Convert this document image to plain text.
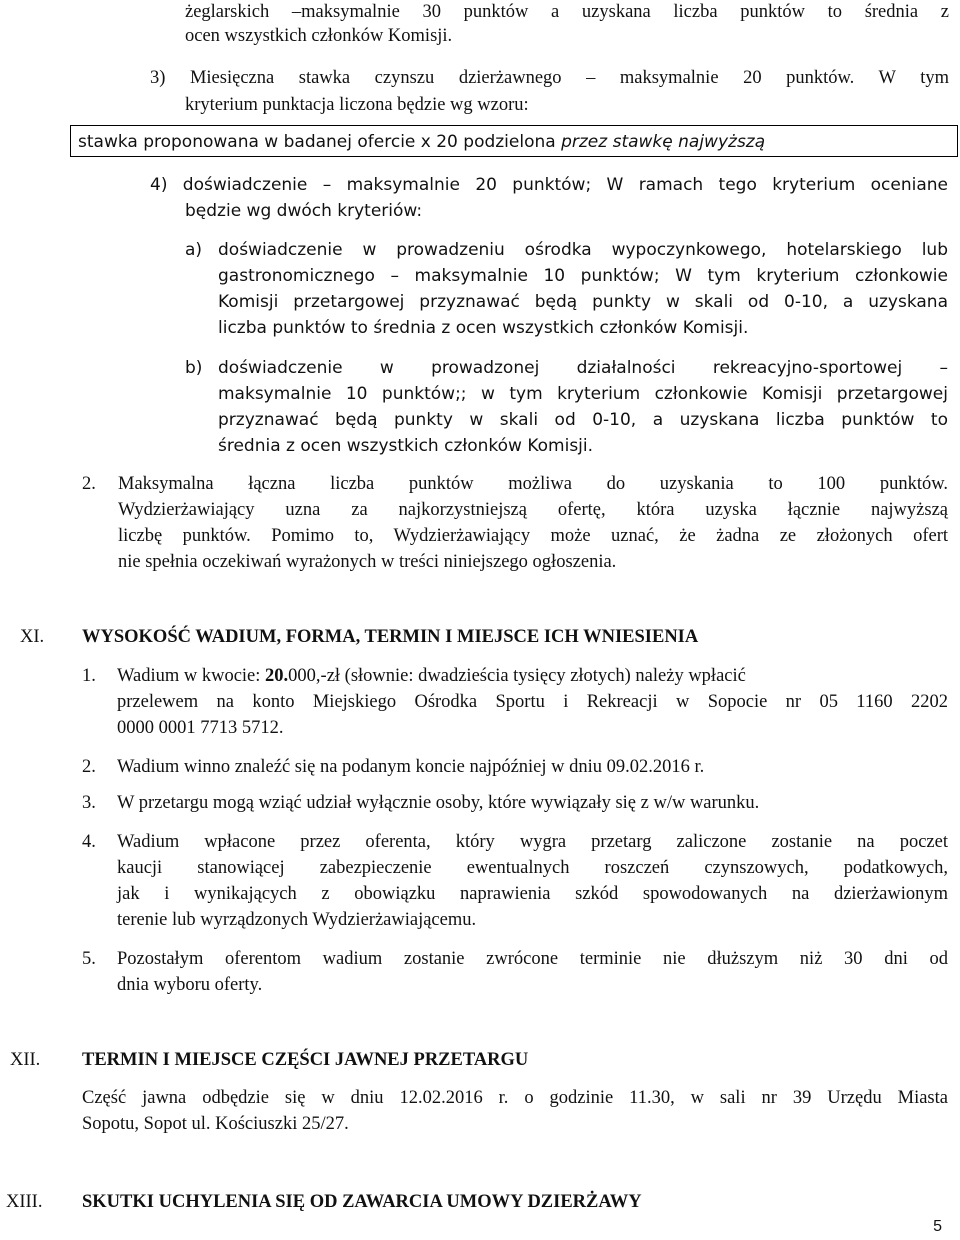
żeglarskich –maksymalnie 30 punktów a uzyskana liczba punktów to średnia z
ocen wszystkich członków Komisji.
3) Miesięczna stawka czynszu dzierżawnego – maksymalnie 20 punktów. W tym
kryterium punktacja liczona będzie wg wzoru:
stawka proponowana w badanej ofercie x 20 podzielona przez stawkę najwyższą
4) doświadczenie – maksymalnie 20 punktów; W ramach tego kryterium oceniane
będzie wg dwóch kryteriów:
a) doświadczenie w prowadzeniu ośrodka wypoczynkowego, hotelarskiego lub
gastronomicznego – maksymalnie 10 punktów; W tym kryterium członkowie
Komisji przetargowej przyznawać będą punkty w skali od 0-10, a uzyskana
liczba punktów to średnia z ocen wszystkich członków Komisji.
b) doświadczenie w prowadzonej działalności rekreacyjno-sportowej –
maksymalnie 10 punktów;; w tym kryterium członkowie Komisji przetargowej
przyznawać będą punkty w skali od 0-10, a uzyskana liczba punktów to
średnia z ocen wszystkich członków Komisji.
2. Maksymalna łączna liczba punktów możliwa do uzyskania to 100 punktów.
Wydzierżawiający uzna za najkorzystniejszą ofertę, która uzyska łącznie najwyższą
liczbę punktów. Pomimo to, Wydzierżawiający może uznać, że żadna ze złożonych ofert
nie spełnia oczekiwań wyrażonych w treści niniejszego ogłoszenia.
XI. WYSOKOŚĆ WADIUM, FORMA, TERMIN I MIEJSCE ICH WNIESIENIA
1. Wadium w kwocie: 20.000,-zł (słownie: dwadzieścia tysięcy złotych) należy wpłacić
przelewem na konto Miejskiego Ośrodka Sportu i Rekreacji w Sopocie nr 05 1160 2202
0000 0001 7713 5712.
2. Wadium winno znaleźć się na podanym koncie najpóźniej w dniu 09.02.2016 r.
3. W przetargu mogą wziąć udział wyłącznie osoby, które wywiązały się z w/w warunku.
4. Wadium wpłacone przez oferenta, który wygra przetarg zaliczone zostanie na poczet
kaucji stanowiącej zabezpieczenie ewentualnych roszczeń czynszowych, podatkowych,
jak i wynikających z obowiązku naprawienia szkód spowodowanych na dzierżawionym
terenie lub wyrządzonych Wydzierżawiającemu.
5. Pozostałym oferentom wadium zostanie zwrócone terminie nie dłuższym niż 30 dni od
dnia wyboru oferty.
XII. TERMIN I MIEJSCE CZĘŚCI JAWNEJ PRZETARGU
Część jawna odbędzie się w dniu 12.02.2016 r. o godzinie 11.30, w sali nr 39 Urzędu Miasta
Sopotu, Sopot ul. Kościuszki 25/27.
XIII. SKUTKI UCHYLENIA SIĘ OD ZAWARCIA UMOWY DZIERŻAWY
5
